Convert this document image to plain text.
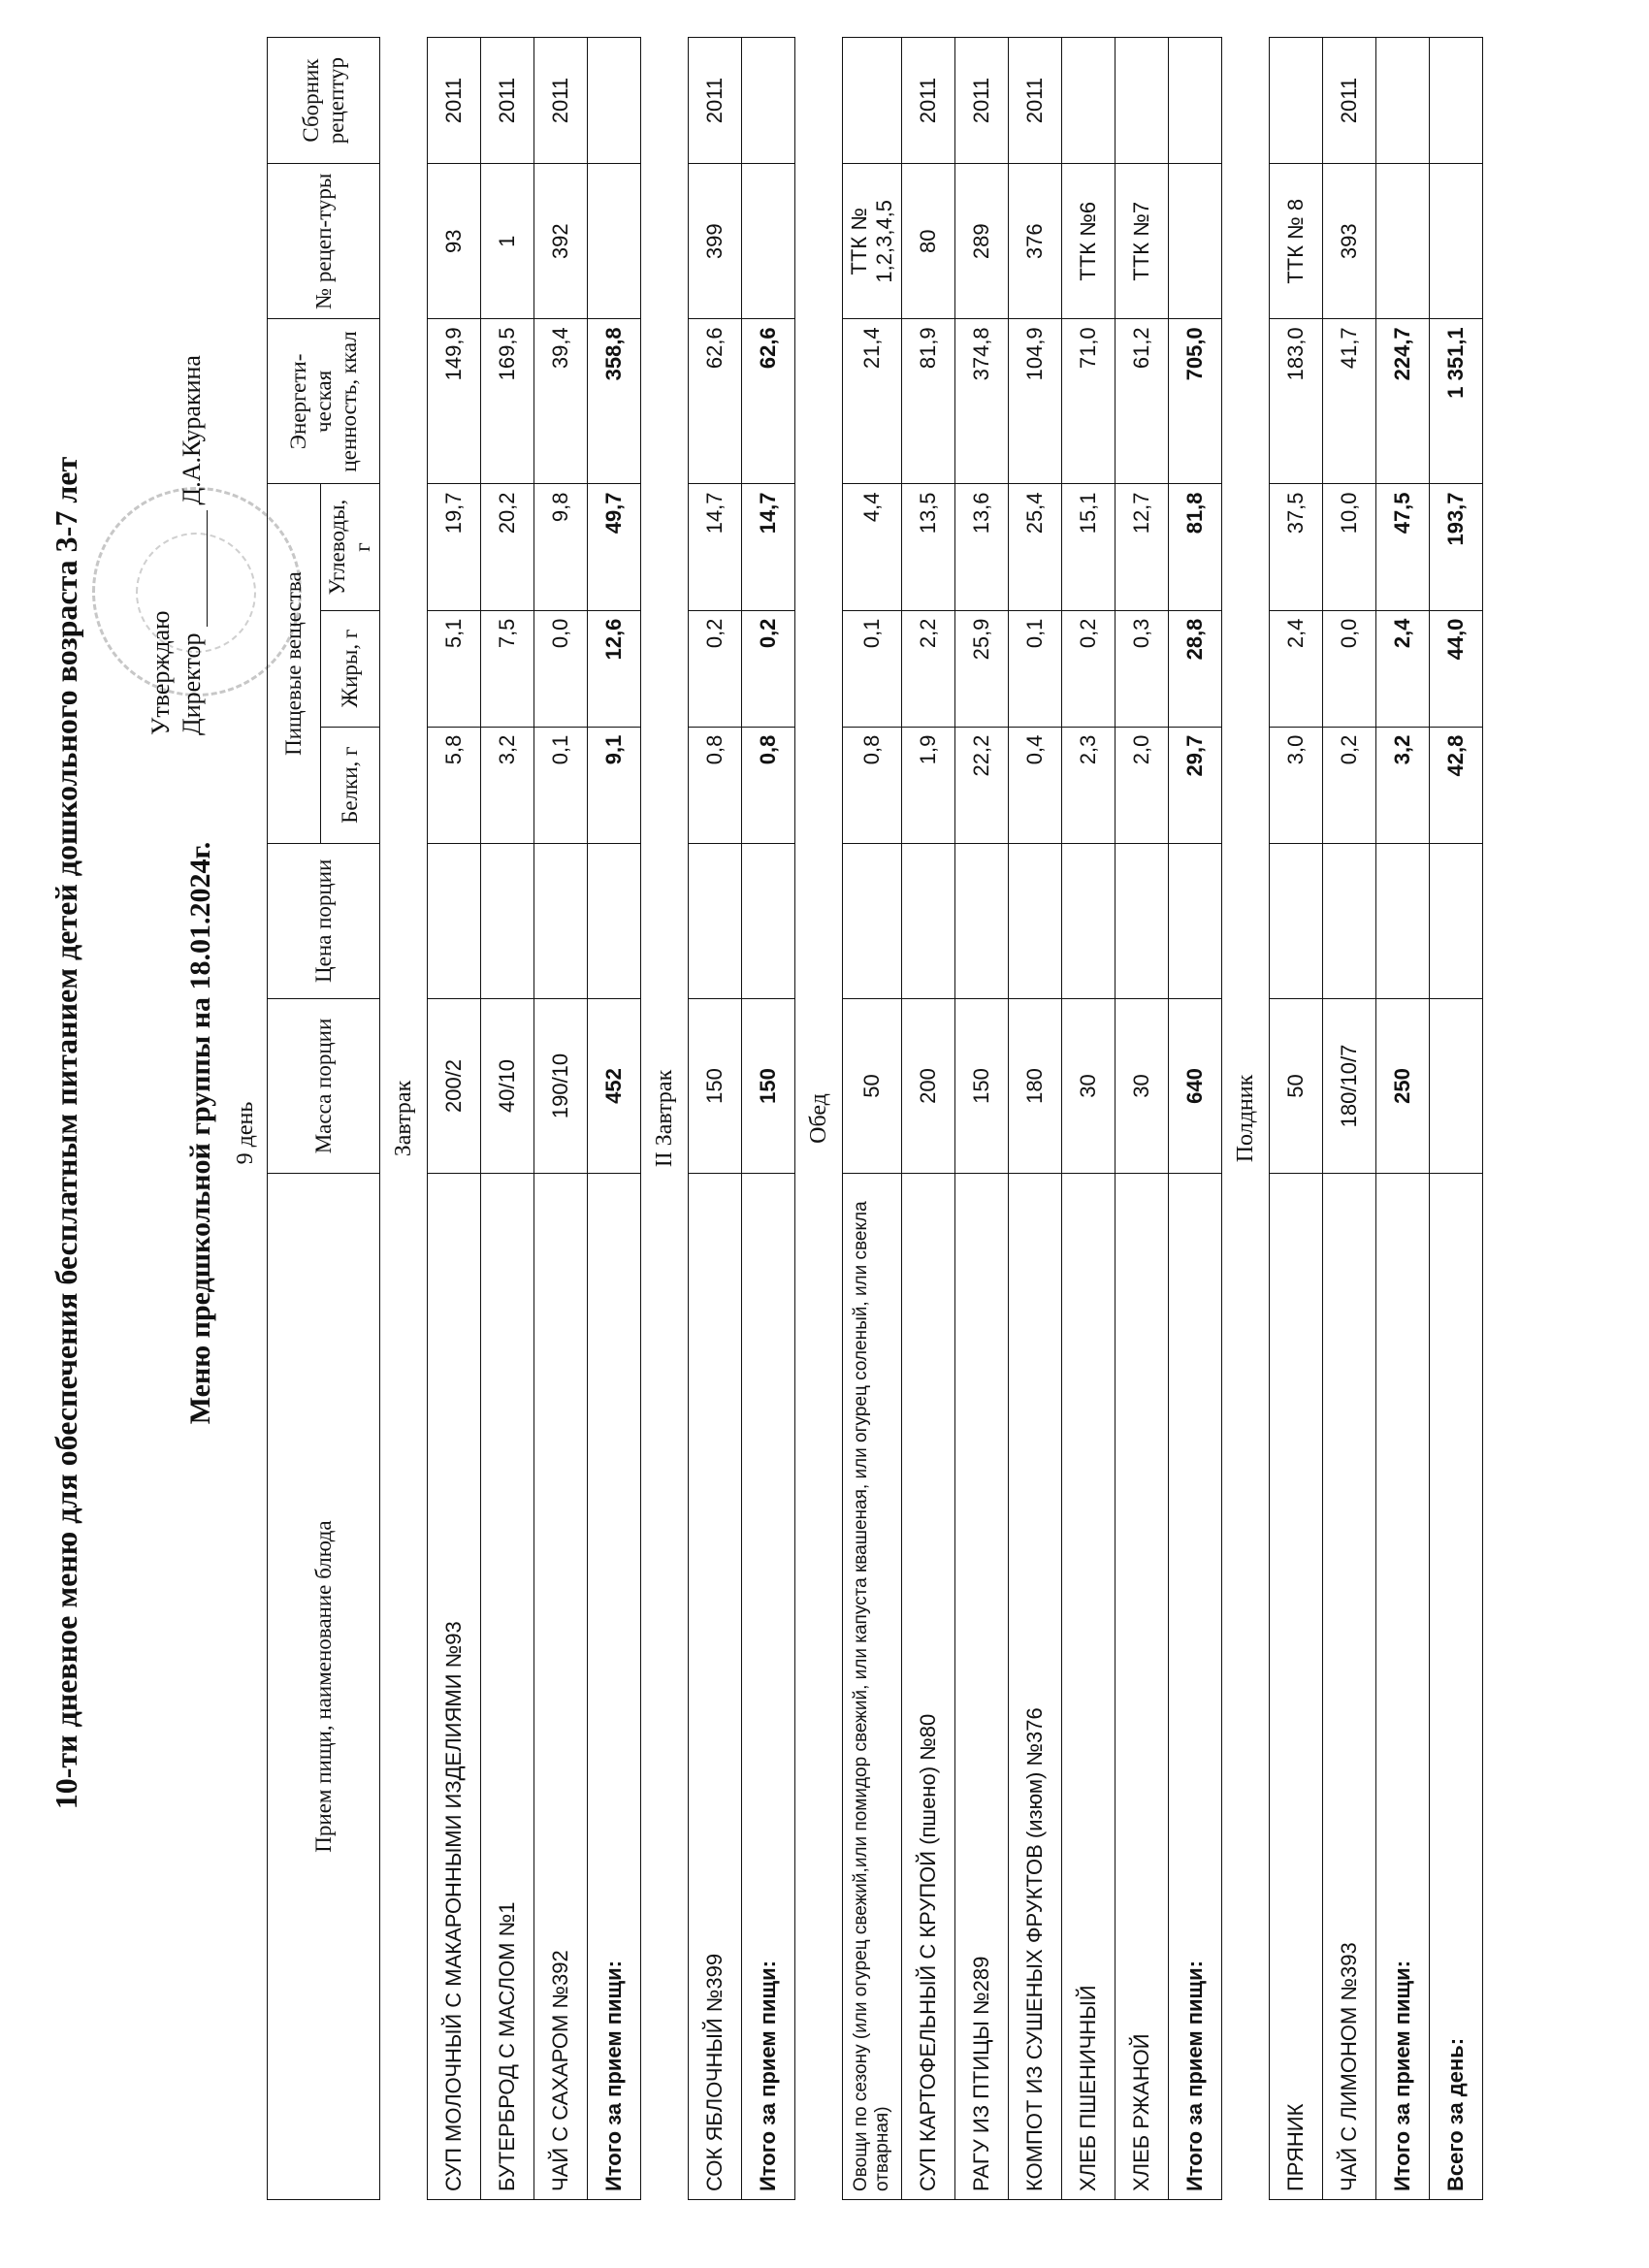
10-ти дневное меню для обеспечения бесплатным питанием детей дошкольного возраста 3-7 лет	Утверждаю ДиректорД.А.Куракина
Меню предшкольной группы на 18.01.2024г. 9 день
Прием пищи, наименование блюда	Масса порции	Цена порции	Пищевые вещества			Энергети-ческая ценность, ккал	№ рецеп-туры	Сборник рецептур
			Белки, г	Жиры, г	Углеводы, г			
Завтрак								
СУП МОЛОЧНЫЙ С МАКАРОННЫМИ ИЗДЕЛИЯМИ №93	200/2		5,8	5,1	19,7	149,9	93	2011
БУТЕРБРОД С МАСЛОМ №1	40/10		3,2	7,5	20,2	169,5	1	2011
ЧАЙ С САХАРОМ №392	190/10		0,1	0,0	9,8	39,4	392	2011
Итого за прием пищи:	452		9,1	12,6	49,7	358,8		
II Завтрак								
СОК ЯБЛОЧНЫЙ №399	150		0,8	0,2	14,7	62,6	399	2011
Итого за прием пищи:	150		0,8	0,2	14,7	62,6		
Обед								
Овощи по сезону (или огурец свежий,или помидор свежий, или капуста квашеная, или огурец соленый, или свекла отварная)	50		0,8	0,1	4,4	21,4	ТТК № 1,2,3,4,5	
СУП КАРТОФЕЛЬНЫЙ С КРУПОЙ (пшено) №80	200		1,9	2,2	13,5	81,9	80	2011
РАГУ ИЗ ПТИЦЫ №289	150		22,2	25,9	13,6	374,8	289	2011
КОМПОТ ИЗ СУШЕНЫХ ФРУКТОВ (изюм) №376	180		0,4	0,1	25,4	104,9	376	2011
ХЛЕБ ПШЕНИЧНЫЙ	30		2,3	0,2	15,1	71,0	ТТК №6	
ХЛЕБ РЖАНОЙ	30		2,0	0,3	12,7	61,2	ТТК №7	
Итого за прием пищи:	640		29,7	28,8	81,8	705,0		
Полдник								
ПРЯНИК	50		3,0	2,4	37,5	183,0	ТТК № 8	
ЧАЙ С ЛИМОНОМ №393	180/10/7		0,2	0,0	10,0	41,7	393	2011
Итого за прием пищи:	250		3,2	2,4	47,5	224,7		
Всего за день:			42,8	44,0	193,7	1 351,1		
